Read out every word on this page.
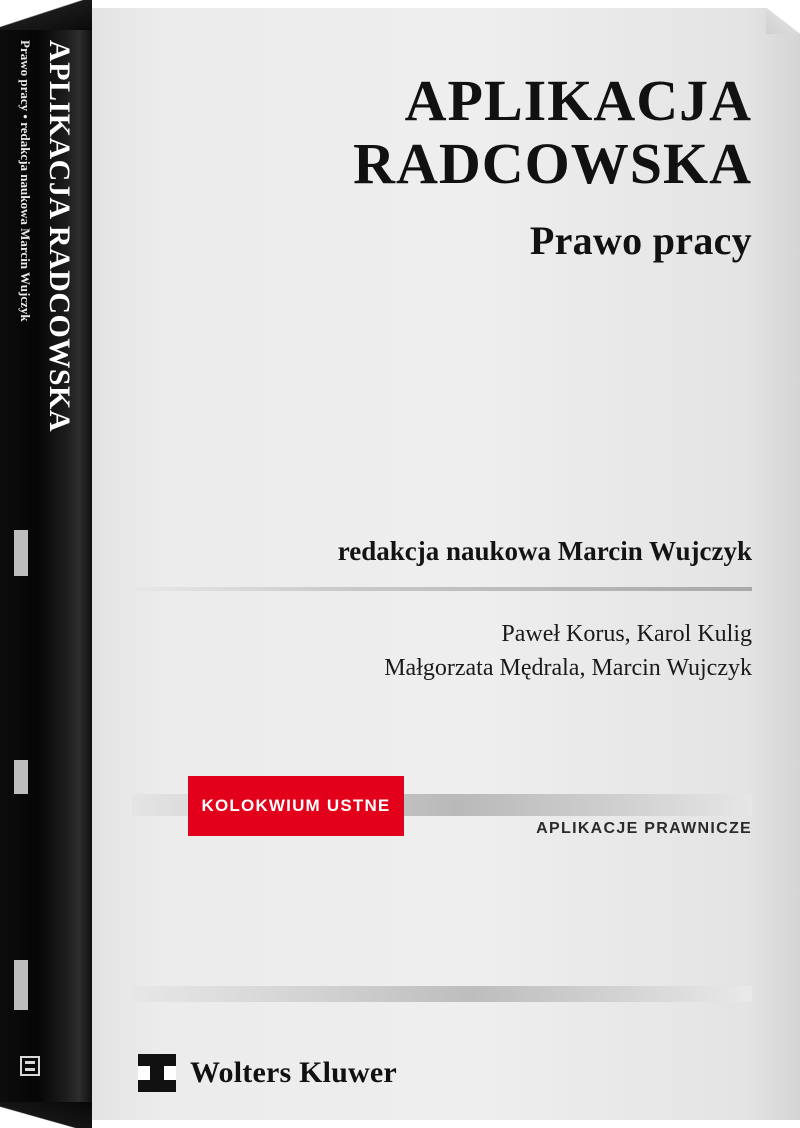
APLIKACJA RADCOWSKA
Prawo pracy • redakcja naukowa Marcin Wujczyk	APLIKACJA
RADCOWSKA
Prawo pracy
redakcja naukowa Marcin Wujczyk
Paweł Korus, Karol Kulig
Małgorzata Mędrala, Marcin Wujczyk
KOLOKWIUM USTNE
APLIKACJE PRAWNICZE
Wolters Kluwer
